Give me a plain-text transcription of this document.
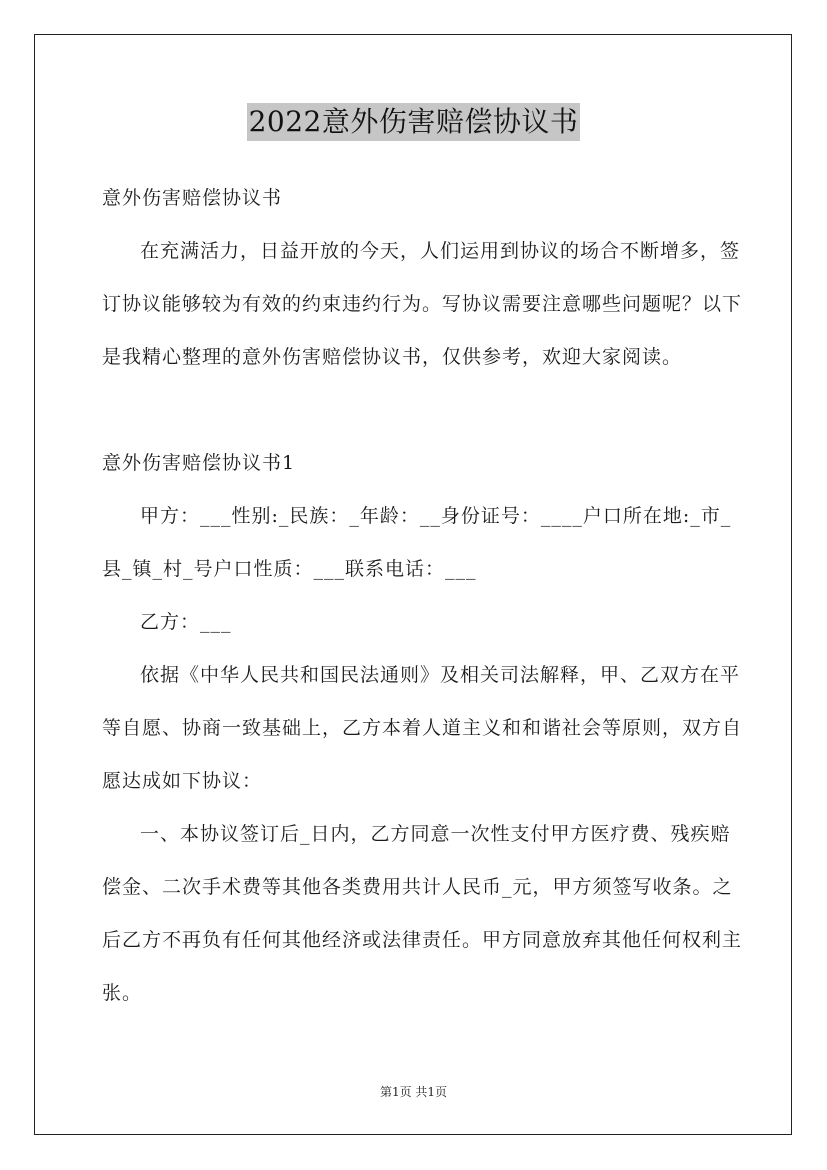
2022意外伤害赔偿协议书

意外伤害赔偿协议书

在充满活力，日益开放的今天，人们运用到协议的场合不断增多，签订协议能够较为有效的约束违约行为。写协议需要注意哪些问题呢？以下是我精心整理的意外伤害赔偿协议书，仅供参考，欢迎大家阅读。

意外伤害赔偿协议书1

甲方：___性别:_民族：_年龄：__身份证号：____户口所在地:_市_县_镇_村_号户口性质：___联系电话：___

乙方：___

依据《中华人民共和国民法通则》及相关司法解释，甲、乙双方在平等自愿、协商一致基础上，乙方本着人道主义和和谐社会等原则，双方自愿达成如下协议：

一、本协议签订后_日内，乙方同意一次性支付甲方医疗费、残疾赔偿金、二次手术费等其他各类费用共计人民币_元，甲方须签写收条。之后乙方不再负有任何其他经济或法律责任。甲方同意放弃其他任何权利主张。

第1页 共1页
